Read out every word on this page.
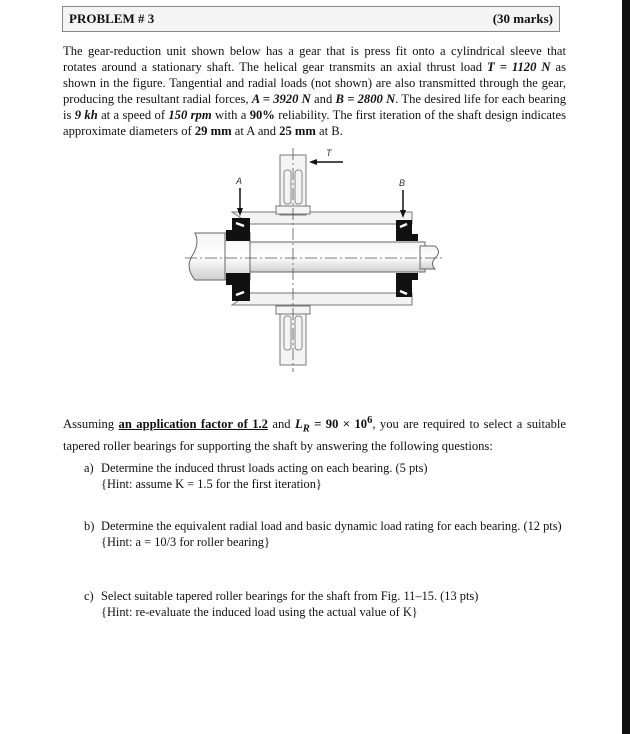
PROBLEM # 3	(30 marks)
The gear-reduction unit shown below has a gear that is press fit onto a cylindrical sleeve that rotates around a stationary shaft. The helical gear transmits an axial thrust load T = 1120 N as shown in the figure. Tangential and radial loads (not shown) are also transmitted through the gear, producing the resultant radial forces, A = 3920 N and B = 2800 N. The desired life for each bearing is 9 kh at a speed of 150 rpm with a 90% reliability. The first iteration of the shaft design indicates approximate diameters of 29 mm at A and 25 mm at B.
T
A	B
Assuming an application factor of 1.2 and $L_R = 90 \times 10^6$, you are required to select a suitable tapered roller bearings for supporting the shaft by answering the following questions:
a) Determine the induced thrust loads acting on each bearing. (5 pts)
{Hint: assume K = 1.5 for the first iteration}
b) Determine the equivalent radial load and basic dynamic load rating for each bearing. (12 pts)
{Hint: a = 10/3 for roller bearing}
c) Select suitable tapered roller bearings for the shaft from Fig. 11–15. (13 pts)
{Hint: re-evaluate the induced load using the actual value of K}
